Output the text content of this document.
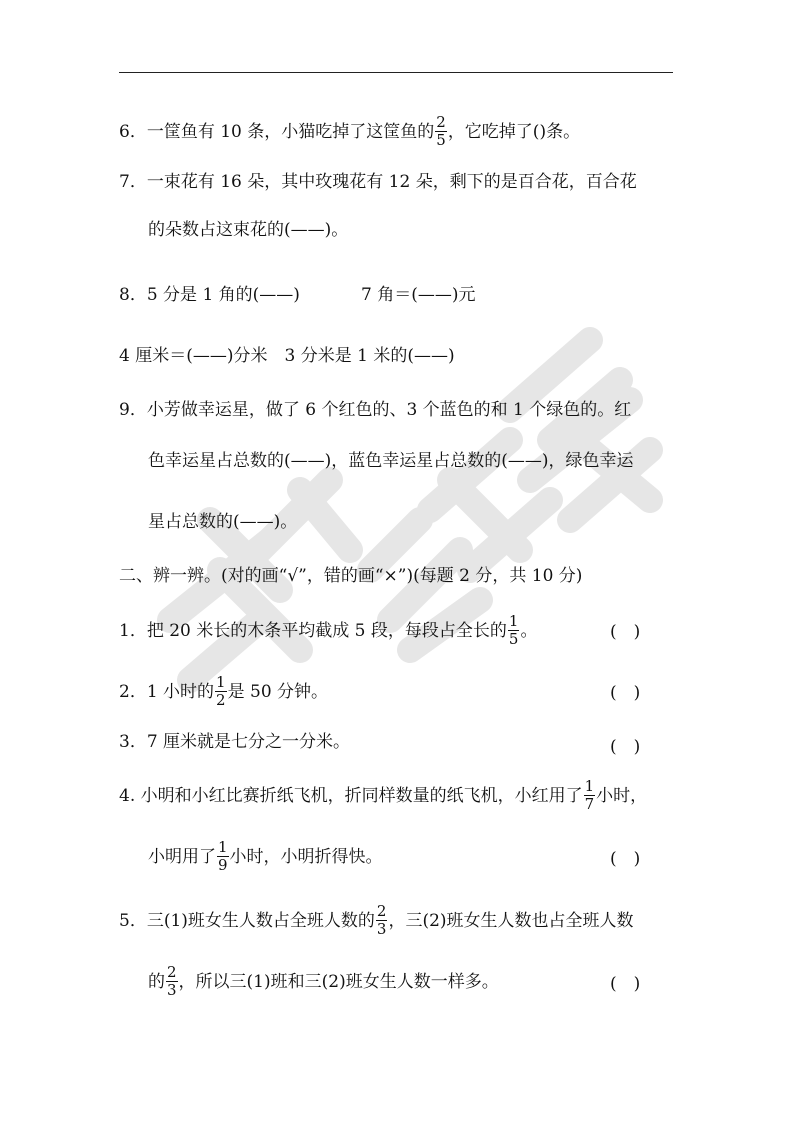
6．一筐鱼有 10 条，小猫吃掉了这筐鱼的 $\frac{2}{5}$ ，它吃掉了()条。
7．一束花有 16 朵，其中玫瑰花有 12 朵，剩下的是百合花，百合花
的朵数占这束花的(——)。
8．5 分是 1 角的(——)	7 角＝(——)元
4 厘米＝(——)分米　3 分米是 1 米的(——)
9．小芳做幸运星，做了 6 个红色的、3 个蓝色的和 1 个绿色的。红
色幸运星占总数的(——)，蓝色幸运星占总数的(——)，绿色幸运
星占总数的(——)。
二、辨一辨。(对的画“√”，错的画“×”)(每题 2 分，共 10 分)
1．把 20 米长的木条平均截成 5 段，每段占全长的 $\frac{1}{5}$ 。	(　)
2．1 小时的 $\frac{1}{2}$ 是 50 分钟。	(　)
3．7 厘米就是七分之一分米。	(　)
4. 小明和小红比赛折纸飞机，折同样数量的纸飞机，小红用了 $\frac{1}{7}$ 小时，
小明用了 $\frac{1}{9}$ 小时，小明折得快。	(　)
5．三(1)班女生人数占全班人数的 $\frac{2}{3}$ ，三(2)班女生人数也占全班人数
的 $\frac{2}{3}$ ，所以三(1)班和三(2)班女生人数一样多。	(　)
